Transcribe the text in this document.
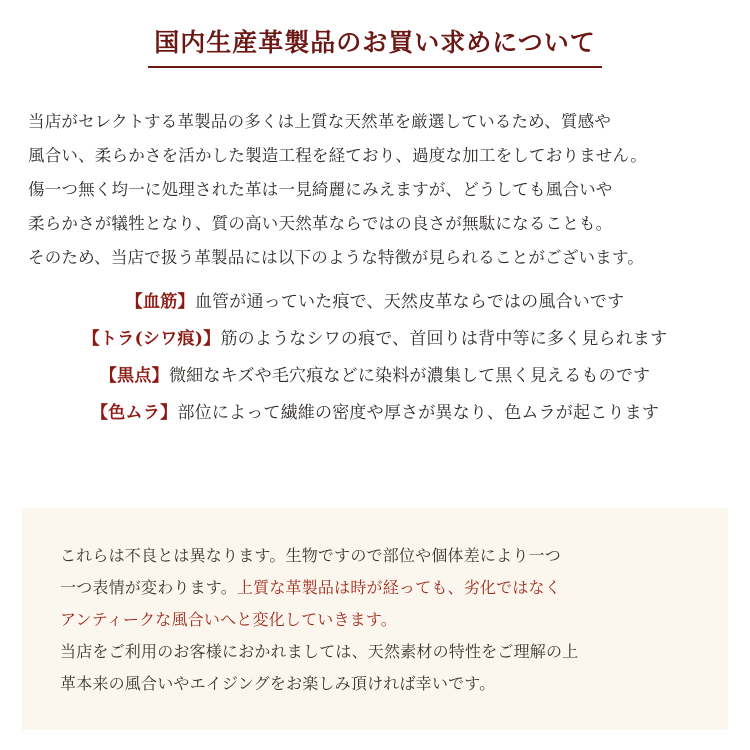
国内生産革製品のお買い求めについて

当店がセレクトする革製品の多くは上質な天然革を厳選しているため、質感や

風合い、柔らかさを活かした製造工程を経ており、過度な加工をしておりません。

傷一つ無く均一に処理された革は一見綺麗にみえますが、どうしても風合いや

柔らかさが犠牲となり、質の高い天然革ならではの良さが無駄になることも。

そのため、当店で扱う革製品には以下のような特徴が見られることがございます。

【血筋】血管が通っていた痕で、天然皮革ならではの風合いです
【トラ(シワ痕)】筋のようなシワの痕で、首回りは背中等に多く見られます
【黒点】微細なキズや毛穴痕などに染料が濃集して黒く見えるものです
【色ムラ】部位によって繊維の密度や厚さが異なり、色ムラが起こります

これらは不良とは異なります。生物ですので部位や個体差により一つ

一つ表情が変わります。上質な革製品は時が経っても、劣化ではなく

アンティークな風合いへと変化していきます。

当店をご利用のお客様におかれましては、天然素材の特性をご理解の上

革本来の風合いやエイジングをお楽しみ頂ければ幸いです。
